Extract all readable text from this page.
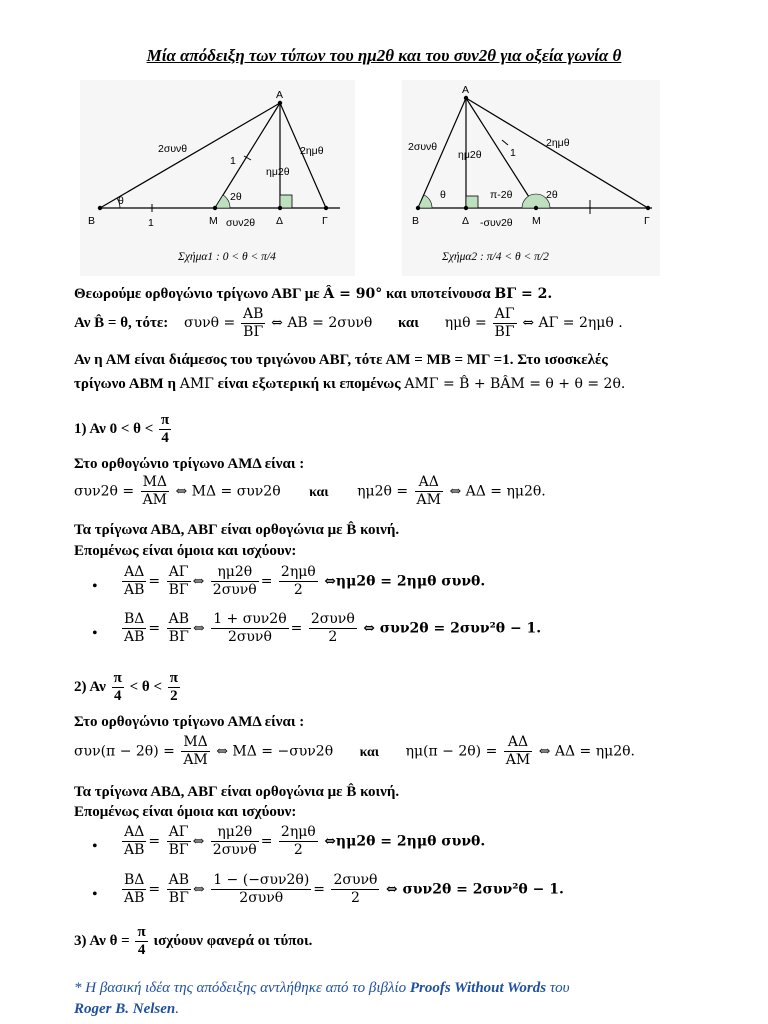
Μία απόδειξη των τύπων του ημ2θ και του συν2θ για οξεία γωνία θ
A
B	M	Δ	Γ
2συνθ	2ημθ
1
1
ημ2θ
συν2θ
θ	2θ
Σχήμα1 : 0 < θ < π/4
A
B	Δ	M	Γ
2συνθ	2ημθ
1
ημ2θ
-συν2θ
θ	π-2θ	2θ
Σχήμα2 : π/4 < θ < π/2
Θεωρούμε ορθογώνιο τρίγωνο ΑΒΓ με Â = 90° και υποτείνουσα ΒΓ = 2.
Αν B̂ = θ, τότε: $\sigma\upsilon\nu\theta = \frac{AB}{B\Gamma}$ ⇔ ΑΒ = 2συνθ και $\eta\mu\theta = \frac{A\Gamma}{B\Gamma}$ ⇔ ΑΓ = 2ημθ .
Αν η ΑΜ είναι διάμεσος του τριγώνου ΑΒΓ, τότε ΑΜ = ΜΒ = ΜΓ =1. Στο ισοσκελές
τρίγωνο ΑΒΜ η ΑΜ̂Γ είναι εξωτερική κι επομένως ΑΜ̂Γ = B̂ + ΒÂΜ = θ + θ = 2θ.
1) Αν $0 < \theta < \frac{\pi}{4}$
Στο ορθογώνιο τρίγωνο ΑΜΔ είναι :
$\sigma\upsilon\nu 2\theta = \frac{M\Delta}{AM}$ ⇔ ΜΔ = συν2θ και $\eta\mu 2\theta = \frac{A\Delta}{AM}$ ⇔ ΑΔ = ημ2θ.
Τα τρίγωνα ΑΒΔ, ΑΒΓ είναι ορθογώνια με B̂ κοινή.
Επομένως είναι όμοια και ισχύουν:
• $\frac{A\Delta}{AB} = \frac{A\Gamma}{B\Gamma}$ ⇔ $\frac{\eta\mu 2\theta}{\text{2συνθ}} = \frac{\text{2ημθ}}{2}$ ⇔ημ2θ = 2ημθ συνθ.
• $\frac{B\Delta}{AB} = \frac{AB}{B\Gamma}$ ⇔ $\frac{\text{1 + συν2θ}}{\text{2συνθ}} = \frac{\text{2συνθ}}{2}$ ⇔ συν2θ = 2συν²θ − 1.
2) Αν $\frac{\pi}{4} < \theta < \frac{\pi}{2}$
Στο ορθογώνιο τρίγωνο ΑΜΔ είναι :
$\sigma\upsilon\nu(\pi - 2\theta) = \frac{M\Delta}{AM}$ ⇔ ΜΔ = −συν2θ και $\eta\mu(\pi - 2\theta) = \frac{A\Delta}{AM}$ ⇔ ΑΔ = ημ2θ.
Τα τρίγωνα ΑΒΔ, ΑΒΓ είναι ορθογώνια με B̂ κοινή.
Επομένως είναι όμοια και ισχύουν:
• $\frac{A\Delta}{AB} = \frac{A\Gamma}{B\Gamma}$ ⇔ $\frac{\eta\mu 2\theta}{\text{2συνθ}} = \frac{\text{2ημθ}}{2}$ ⇔ημ2θ = 2ημθ συνθ.
• $\frac{B\Delta}{AB} = \frac{AB}{B\Gamma}$ ⇔ $\frac{\text{1 − (−συν2θ)}}{\text{2συνθ}} = \frac{\text{2συνθ}}{2}$ ⇔ συν2θ = 2συν²θ − 1.
3) Αν $\theta = \frac{\pi}{4}$ ισχύουν φανερά οι τύποι.
* Η βασική ιδέα της απόδειξης αντλήθηκε από το βιβλίο Proofs Without Words του
Roger B. Nelsen.
